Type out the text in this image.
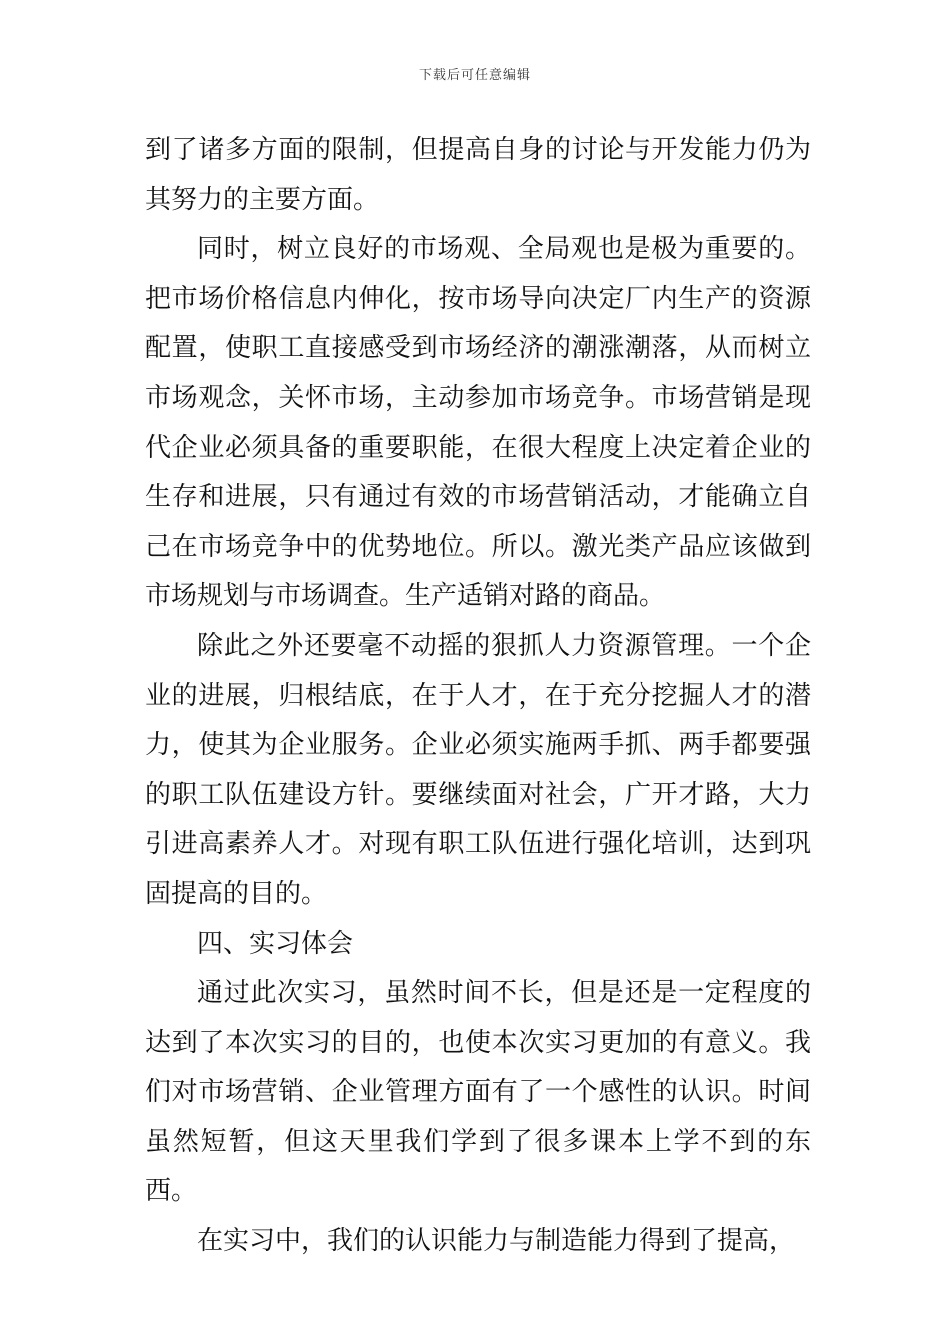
下载后可任意编辑

到了诸多方面的限制，但提高自身的讨论与开发能力仍为其努力的主要方面。

同时，树立良好的市场观、全局观也是极为重要的。把市场价格信息内伸化，按市场导向决定厂内生产的资源配置，使职工直接感受到市场经济的潮涨潮落，从而树立市场观念，关怀市场，主动参加市场竞争。市场营销是现代企业必须具备的重要职能，在很大程度上决定着企业的生存和进展，只有通过有效的市场营销活动，才能确立自己在市场竞争中的优势地位。所以。激光类产品应该做到市场规划与市场调查。生产适销对路的商品。

除此之外还要毫不动摇的狠抓人力资源管理。一个企业的进展，归根结底，在于人才，在于充分挖掘人才的潜力，使其为企业服务。企业必须实施两手抓、两手都要强的职工队伍建设方针。要继续面对社会，广开才路，大力引进高素养人才。对现有职工队伍进行强化培训，达到巩固提高的目的。

四、实习体会

通过此次实习，虽然时间不长，但是还是一定程度的达到了本次实习的目的，也使本次实习更加的有意义。我们对市场营销、企业管理方面有了一个感性的认识。时间虽然短暂，但这天里我们学到了很多课本上学不到的东西。

在实习中，我们的认识能力与制造能力得到了提高，
